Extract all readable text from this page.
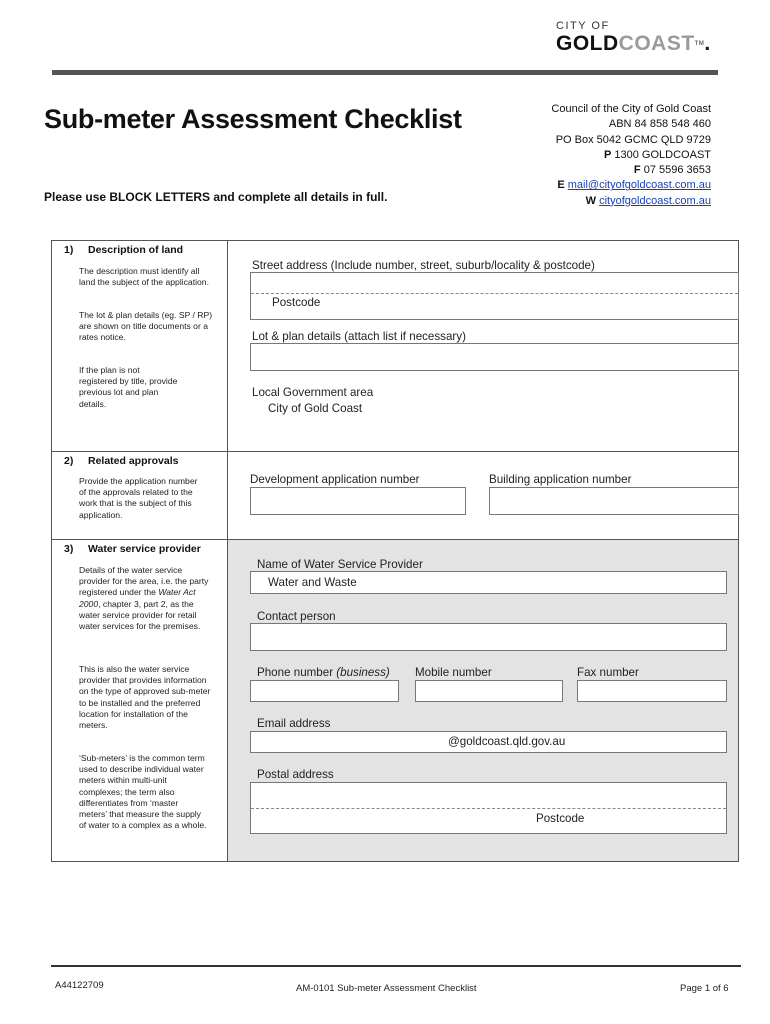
CITY OF
GOLDCOAST™.
Sub-meter Assessment Checklist
Please use BLOCK LETTERS and complete all details in full.
Council of the City of Gold Coast
ABN 84 858 548 460
PO Box 5042 GCMC QLD 9729
P 1300 GOLDCOAST
F 07 5596 3653
E mail@cityofgoldcoast.com.au
W cityofgoldcoast.com.au
1) Description of land
The description must identify all land the subject of the application.
The lot & plan details (eg. SP / RP) are shown on title documents or a rates notice.
If the plan is not registered by title, provide previous lot and plan details.
Street address (Include number, street, suburb/locality & postcode)
Postcode
Lot & plan details (attach list if necessary)
Local Government area
City of Gold Coast
2) Related approvals
Provide the application number of the approvals related to the work that is the subject of this application.
Development application number	Building application number
3) Water service provider
Details of the water service provider for the area, i.e. the party registered under the Water Act 2000, chapter 3, part 2, as the water service provider for retail water services for the premises.
This is also the water service provider that provides information on the type of approved sub-meter to be installed and the preferred location for installation of the meters.
‘Sub-meters’ is the common term used to describe individual water meters within multi-unit complexes; the term also differentiates from ‘master meters’ that measure the supply of water to a complex as a whole.
Name of Water Service Provider
Water and Waste
Contact person
Phone number (business) Mobile number	Fax number
Email address
@goldcoast.qld.gov.au
Postal address
Postcode
A44122709	AM-0101 Sub-meter Assessment Checklist	Page 1 of 6
